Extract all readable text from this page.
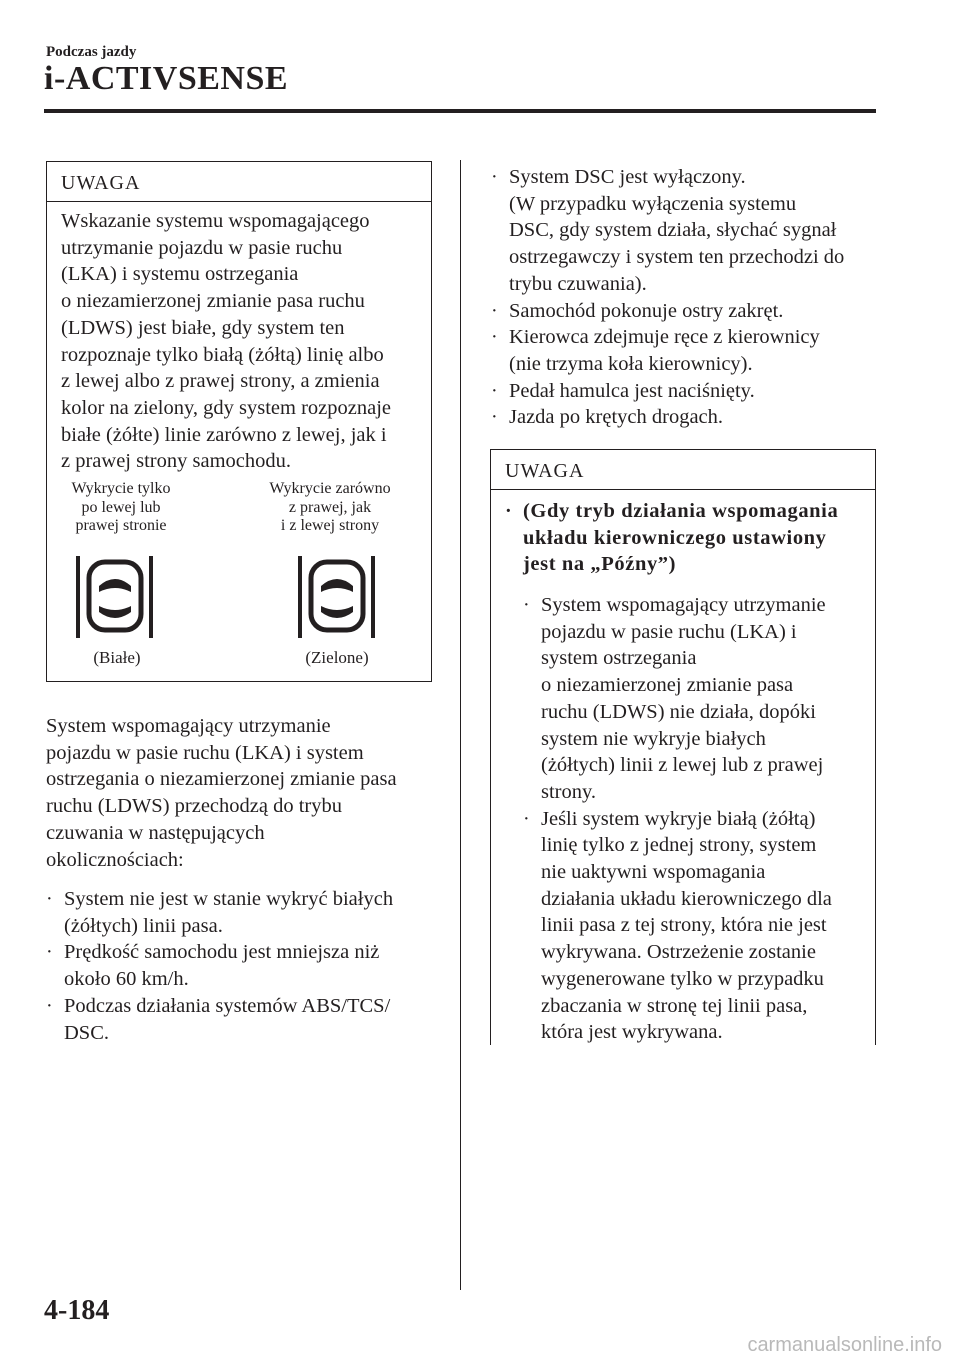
Podczas jazdy
i-ACTIVSENSE
UWAGA
Wskazanie systemu wspomagającego
utrzymanie pojazdu w pasie ruchu
(LKA) i systemu ostrzegania
o niezamierzonej zmianie pasa ruchu
(LDWS) jest białe, gdy system ten
rozpoznaje tylko białą (żółtą) linię albo
z lewej albo z prawej strony, a zmienia
kolor na zielony, gdy system rozpoznaje
białe (żółte) linie zarówno z lewej, jak i
z prawej strony samochodu.
Wykrycie tylko
po lewej lub
prawej stronie
Wykrycie zarówno
z prawej, jak
i z lewej strony
(Białe)	(Zielone)
System wspomagający utrzymanie
pojazdu w pasie ruchu (LKA) i system
ostrzegania o niezamierzonej zmianie pasa
ruchu (LDWS) przechodzą do trybu
czuwania w następujących
okolicznościach:
· System nie jest w stanie wykryć białych
(żółtych) linii pasa.
· Prędkość samochodu jest mniejsza niż
około 60 km/h.
· Podczas działania systemów ABS/TCS/
DSC.
· System DSC jest wyłączony.
(W przypadku wyłączenia systemu
DSC, gdy system działa, słychać sygnał
ostrzegawczy i system ten przechodzi do
trybu czuwania).
· Samochód pokonuje ostry zakręt.
· Kierowca zdejmuje ręce z kierownicy
(nie trzyma koła kierownicy).
· Pedał hamulca jest naciśnięty.
· Jazda po krętych drogach.
UWAGA
· (Gdy tryb działania wspomagania
układu kierowniczego ustawiony
jest na „Późny”)
· System wspomagający utrzymanie
pojazdu w pasie ruchu (LKA) i
system ostrzegania
o niezamierzonej zmianie pasa
ruchu (LDWS) nie działa, dopóki
system nie wykryje białych
(żółtych) linii z lewej lub z prawej
strony.
· Jeśli system wykryje białą (żółtą)
linię tylko z jednej strony, system
nie uaktywni wspomagania
działania układu kierowniczego dla
linii pasa z tej strony, która nie jest
wykrywana. Ostrzeżenie zostanie
wygenerowane tylko w przypadku
zbaczania w stronę tej linii pasa,
która jest wykrywana.
4-184
carmanualsonline.info
